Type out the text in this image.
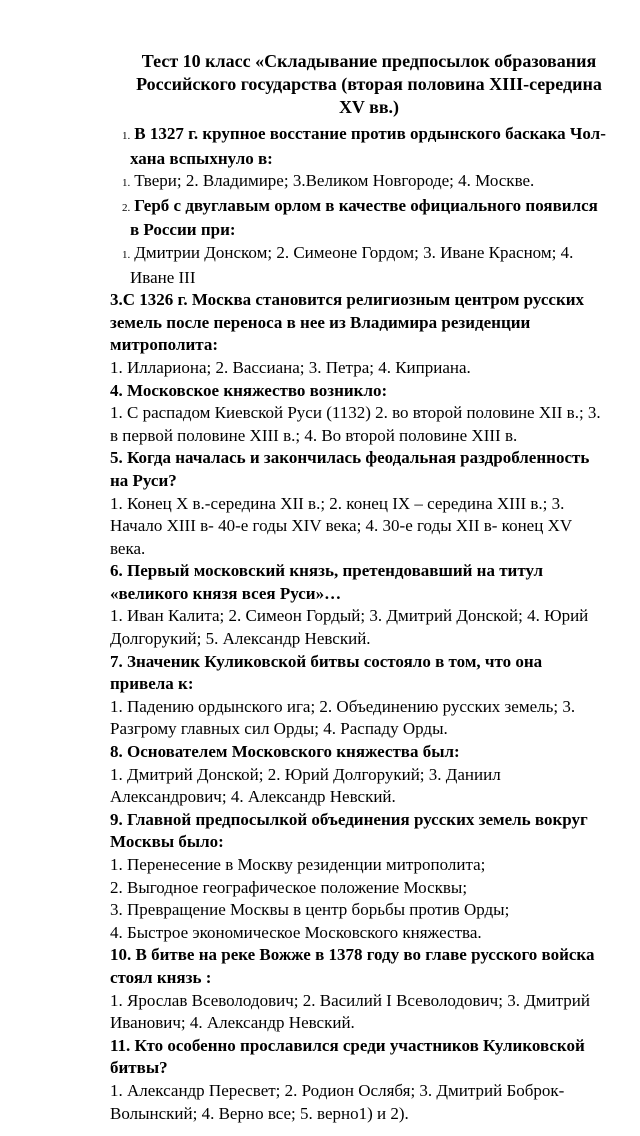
Тест 10 класс «Складывание предпосылок образования Российского государства (вторая половина XIII-середина XV вв.)

1. В 1327 г. крупное восстание против ордынского баскака Чол-хана вспыхнуло в:

1. Твери; 2. Владимире; 3.Великом Новгороде; 4. Москве.

2. Герб с двуглавым орлом в качестве официального появился в России при:

1. Дмитрии Донском; 2. Симеоне Гордом; 3. Иване Красном; 4. Иване III

3.С 1326 г. Москва становится религиозным центром русских земель после переноса в нее из Владимира резиденции митрополита:

1. Иллариона; 2. Вассиана; 3. Петра; 4. Киприана.

4. Московское княжество возникло:

1. С распадом Киевской Руси (1132) 2. во второй половине XII в.; 3. в первой половине XIII в.; 4. Во второй половине XIII в.

5. Когда началась и закончилась феодальная раздробленность на Руси?

1. Конец X в.-середина XII в.; 2. конец IX – середина XIII в.; 3. Начало XIII в- 40-е годы XIV века; 4. 30-е годы XII в- конец XV века.

6. Первый московский князь, претендовавший на титул «великого князя всея Руси»…

1. Иван Калита; 2. Симеон Гордый; 3. Дмитрий Донской; 4. Юрий Долгорукий; 5. Александр Невский.

7. Значеник Куликовской битвы состояло в том, что она привела к:

1. Падению ордынского ига; 2. Объединению русских земель; 3. Разгрому главных сил Орды; 4. Распаду Орды.

8. Основателем Московского княжества был:

1. Дмитрий Донской; 2. Юрий Долгорукий; 3. Даниил Александрович; 4. Александр Невский.

9. Главной предпосылкой объединения русских земель вокруг Москвы было:

1. Перенесение в Москву резиденции митрополита;

2. Выгодное географическое положение Москвы;

3. Превращение Москвы в центр борьбы против Орды;

4. Быстрое экономическое Московского княжества.

10. В битве на реке Вожже в 1378 году во главе русского войска стоял князь :

1. Ярослав Всеволодович; 2. Василий I Всеволодович; 3. Дмитрий Иванович; 4. Александр Невский.

11. Кто особенно прославился среди участников Куликовской битвы?

1. Александр Пересвет; 2. Родион Ослябя; 3. Дмитрий Боброк-Волынский; 4. Верно все; 5. верно1) и 2).
